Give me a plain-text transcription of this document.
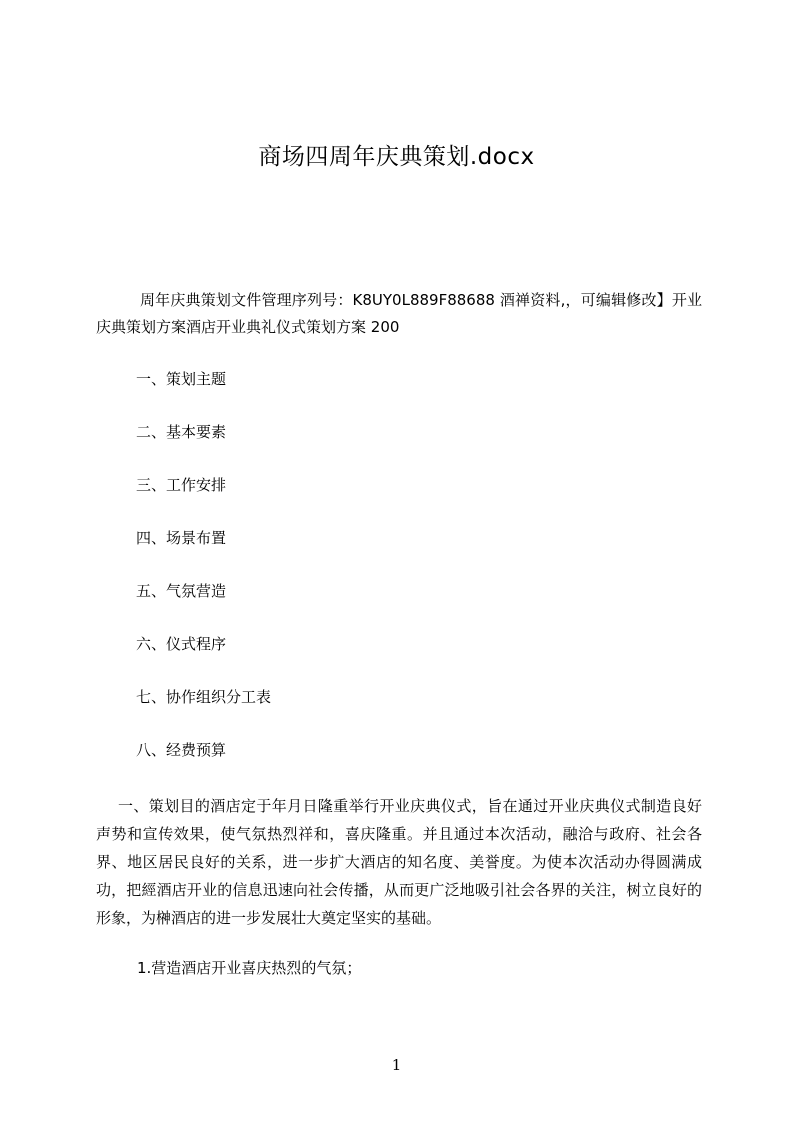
商场四周年庆典策划.docx

周年庆典策划文件管理序列号：K8UY0L889F88688 酒禅资料,，可编辑修改】开业庆典策划方案酒店开业典礼仪式策划方案 200

一、策划主题
二、基本要素
三、工作安排
四、场景布置
五、气氛营造
六、仪式程序
七、协作组织分工表
八、经费预算

一、策划目的酒店定于年月日隆重举行开业庆典仪式，旨在通过开业庆典仪式制造良好声势和宣传效果，使气氛热烈祥和，喜庆隆重。并且通过本次活动，融洽与政府、社会各界、地区居民良好的关系，进一步扩大酒店的知名度、美誉度。为使本次活动办得圆满成功，把經酒店开业的信息迅速向社会传播，从而更广泛地吸引社会各界的关注，树立良好的形象，为榊酒店的进一步发展壮大奠定坚实的基础。

1.营造酒店开业喜庆热烈的气氛；
1
